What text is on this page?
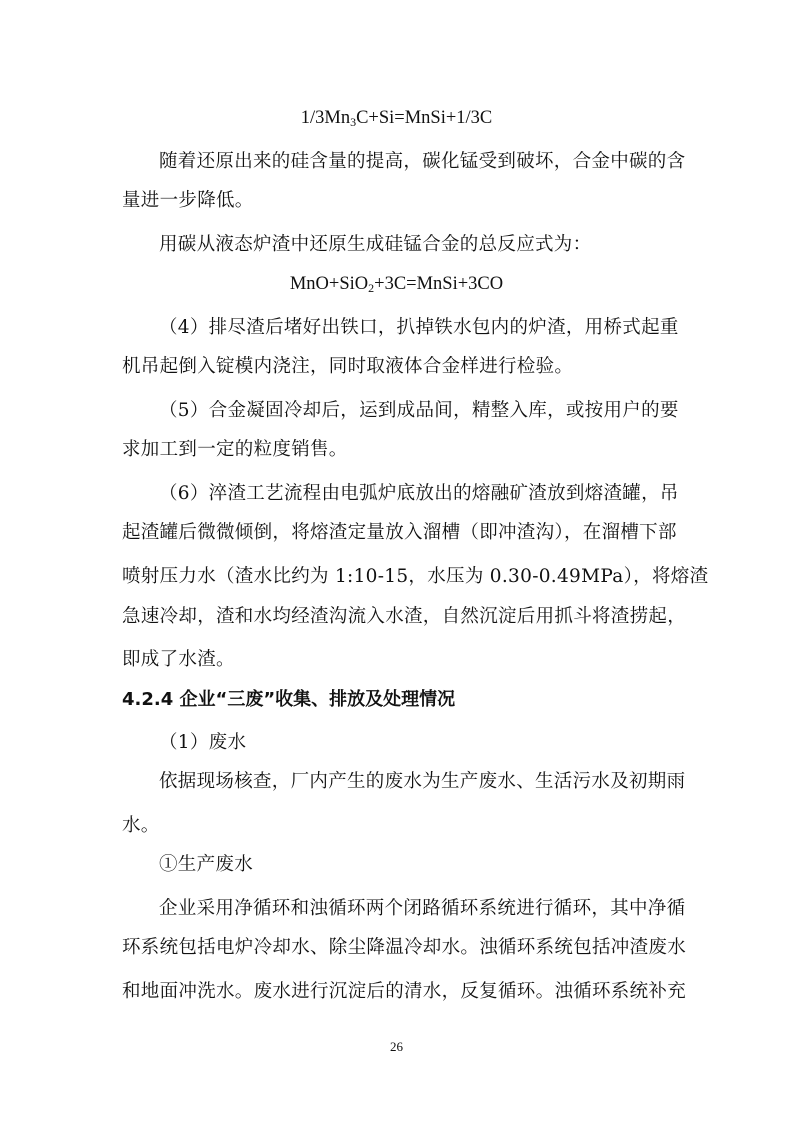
$1/3Mn_3C+Si=MnSi+1/3C$
随着还原出来的硅含量的提高，碳化锰受到破坏，合金中碳的含
量进一步降低。
用碳从液态炉渣中还原生成硅锰合金的总反应式为：
MnO+SiO$_2$+3C=MnSi+3CO
（4）排尽渣后堵好出铁口，扒掉铁水包内的炉渣，用桥式起重
机吊起倒入锭模内浇注，同时取液体合金样进行检验。
（5）合金凝固冷却后，运到成品间，精整入库，或按用户的要
求加工到一定的粒度销售。
（6）淬渣工艺流程由电弧炉底放出的熔融矿渣放到熔渣罐，吊
起渣罐后微微倾倒，将熔渣定量放入溜槽（即冲渣沟），在溜槽下部
喷射压力水（渣水比约为 1:10-15，水压为 0.30-0.49MPa），将熔渣
急速冷却，渣和水均经渣沟流入水渣，自然沉淀后用抓斗将渣捞起，
即成了水渣。
4.2.4 企业“三废”收集、排放及处理情况
（1）废水
依据现场核查，厂内产生的废水为生产废水、生活污水及初期雨
水。
①生产废水
企业采用净循环和浊循环两个闭路循环系统进行循环，其中净循
环系统包括电炉冷却水、除尘降温冷却水。浊循环系统包括冲渣废水
和地面冲洗水。废水进行沉淀后的清水，反复循环。浊循环系统补充
26
